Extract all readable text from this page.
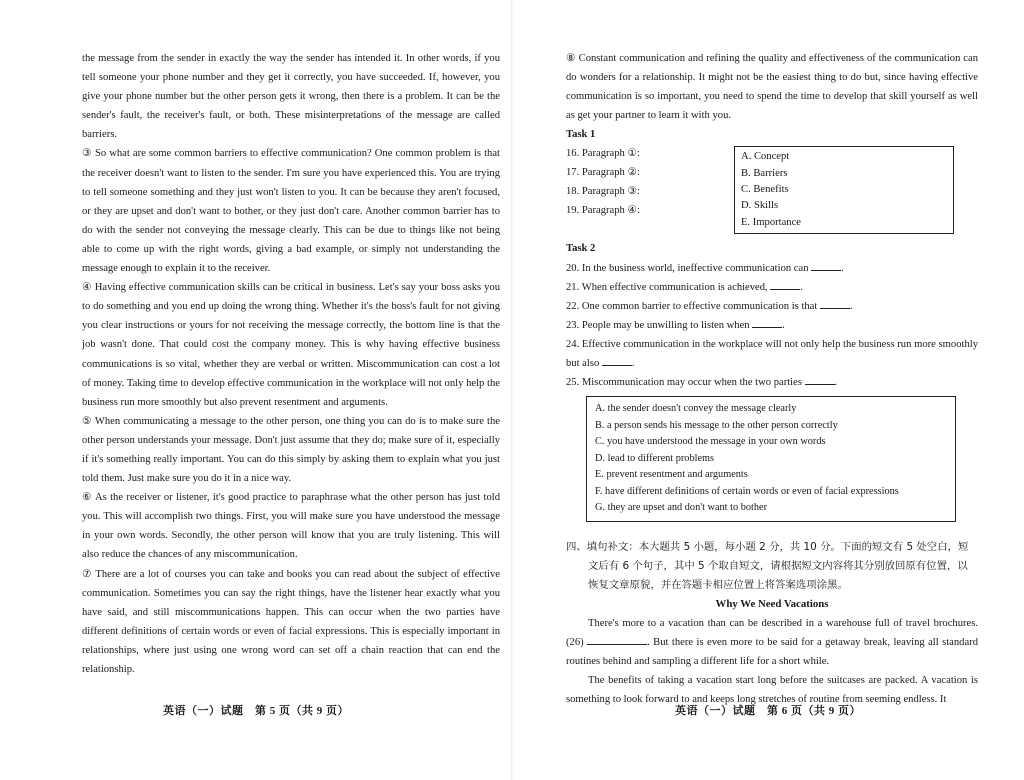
the message from the sender in exactly the way the sender has intended it. In other words, if you tell someone your phone number and they get it correctly, you have succeeded. If, however, you give your phone number but the other person gets it wrong, then there is a problem. It can be the sender's fault, the receiver's fault, or both. These misinterpretations of the message are called barriers.

③ So what are some common barriers to effective communication? One common problem is that the receiver doesn't want to listen to the sender. I'm sure you have experienced this. You are trying to tell someone something and they just won't listen to you. It can be because they aren't focused, or they are upset and don't want to bother, or they just don't care. Another common barrier has to do with the sender not conveying the message clearly. This can be due to things like not being able to come up with the right words, giving a bad example, or simply not understanding the message enough to explain it to the receiver.

④ Having effective communication skills can be critical in business. Let's say your boss asks you to do something and you end up doing the wrong thing. Whether it's the boss's fault for not giving you clear instructions or yours for not receiving the message correctly, the bottom line is that the job wasn't done. That could cost the company money. This is why having effective business communications is so vital, whether they are verbal or written. Miscommunication can cost a lot of money. Taking time to develop effective communication in the workplace will not only help the business run more smoothly but also prevent resentment and arguments.

⑤ When communicating a message to the other person, one thing you can do is to make sure the other person understands your message. Don't just assume that they do; make sure of it, especially if it's something really important. You can do this simply by asking them to explain what you just told them. Just make sure you do it in a nice way.

⑥ As the receiver or listener, it's good practice to paraphrase what the other person has just told you. This will accomplish two things. First, you will make sure you have understood the message in your own words. Secondly, the other person will know that you are truly listening. This will also reduce the chances of any miscommunication.

⑦ There are a lot of courses you can take and books you can read about the subject of effective communication. Sometimes you can say the right things, have the listener hear exactly what you have said, and still miscommunications happen. This can occur when the two parties have different definitions of certain words or even of facial expressions. This is especially important in relationships, where just using one wrong word can set off a chain reaction that can end the relationship.

英语（一）试题　第 5 页（共 9 页）

⑧ Constant communication and refining the quality and effectiveness of the communication can do wonders for a relationship. It might not be the easiest thing to do but, since having effective communication is so important, you need to spend the time to develop that skill yourself as well as get your partner to learn it with you.

Task 1
16. Paragraph ①:
17. Paragraph ②:
18. Paragraph ③:
19. Paragraph ④:
A. Concept
B. Barriers
C. Benefits
D. Skills
E. Importance
Task 2
20. In the business world, ineffective communication can	.
21. When effective communication is achieved,	.
22. One common barrier to effective communication is that	.
23. People may be unwilling to listen when	.
24. Effective communication in the workplace will not only help the business run more smoothly but also	.
25. Miscommunication may occur when the two parties	.
A. the sender doesn't convey the message clearly
B. a person sends his message to the other person correctly
C. you have understood the message in your own words
D. lead to different problems
E. prevent resentment and arguments
F. have different definitions of certain words or even of facial expressions
G. they are upset and don't want to bother
四、填句补文：本大题共 5 小题，每小题 2 分，共 10 分。下面的短文有 5 处空白，短
文后有 6 个句子，其中 5 个取自短文，请根据短文内容将其分别放回原有位置，以
恢复文章原貌，并在答题卡相应位置上将答案选项涂黑。
Why We Need Vacations

There's more to a vacation than can be described in a warehouse full of travel brochures. (26)	. But there is even more to be said for a getaway break, leaving all standard routines behind and sampling a different life for a short while.

The benefits of taking a vacation start long before the suitcases are packed. A vacation is something to look forward to and keeps long stretches of routine from seeming endless. It

英语（一）试题　第 6 页（共 9 页）
